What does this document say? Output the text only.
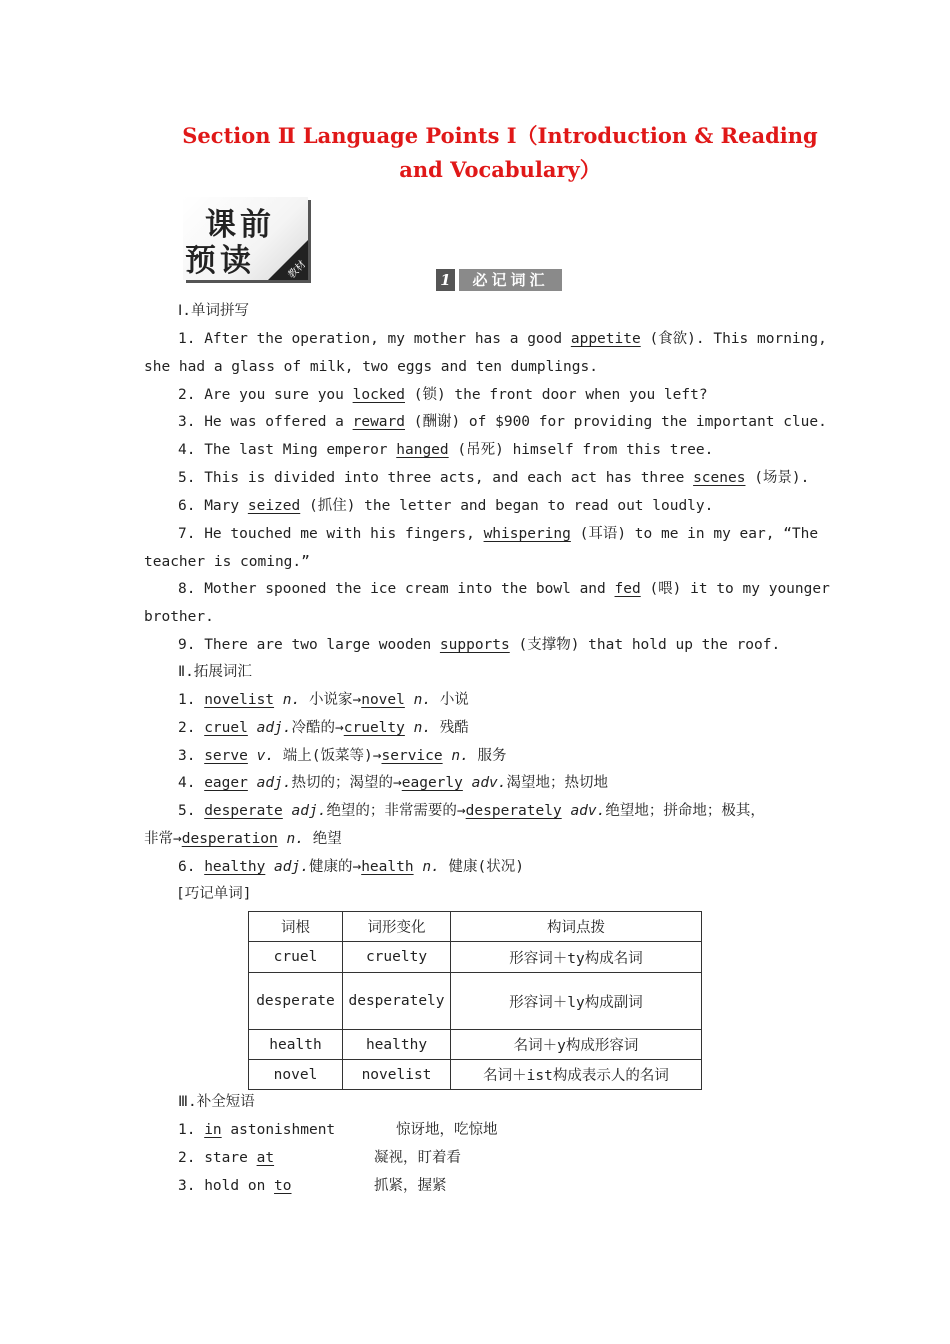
Section Ⅱ Language Points Ⅰ（Introduction & Reading
and Vocabulary）
课前
预读	教材	1	必记词汇
Ⅰ.单词拼写
1. After the operation, my mother has a good appetite (食欲). This morning,
she had a glass of milk, two eggs and ten dumplings.
2. Are you sure you locked (锁) the front door when you left?
3. He was offered a reward (酬谢) of $900 for providing the important clue.
4. The last Ming emperor hanged (吊死) himself from this tree.
5. This is divided into three acts, and each act has three scenes (场景).
6. Mary seized (抓住) the letter and began to read out loudly.
7. He touched me with his fingers, whispering (耳语) to me in my ear, “The
teacher is coming.”
8. Mother spooned the ice cream into the bowl and fed (喂) it to my younger
brother.
9. There are two large wooden supports (支撑物) that hold up the roof.
Ⅱ.拓展词汇
1. novelist n. 小说家→novel n. 小说
2. cruel adj.冷酷的→cruelty n. 残酷
3. serve v. 端上(饭菜等)→service n. 服务
4. eager adj.热切的；渴望的→eagerly adv.渴望地；热切地
5. desperate adj.绝望的；非常需要的→desperately adv.绝望地；拼命地；极其，
非常→desperation n. 绝望
6. healthy adj.健康的→health n. 健康(状况)
[巧记单词]
词根	词形变化	构词点拨
cruel	cruelty	形容词＋ty构成名词
desperate	desperately	形容词＋ly构成副词
health	healthy	名词＋y构成形容词
novel	novelist	名词＋ist构成表示人的名词
Ⅲ.补全短语
1. in astonishment	惊讶地，吃惊地
2. stare at	凝视，盯着看
3. hold on to	抓紧，握紧
